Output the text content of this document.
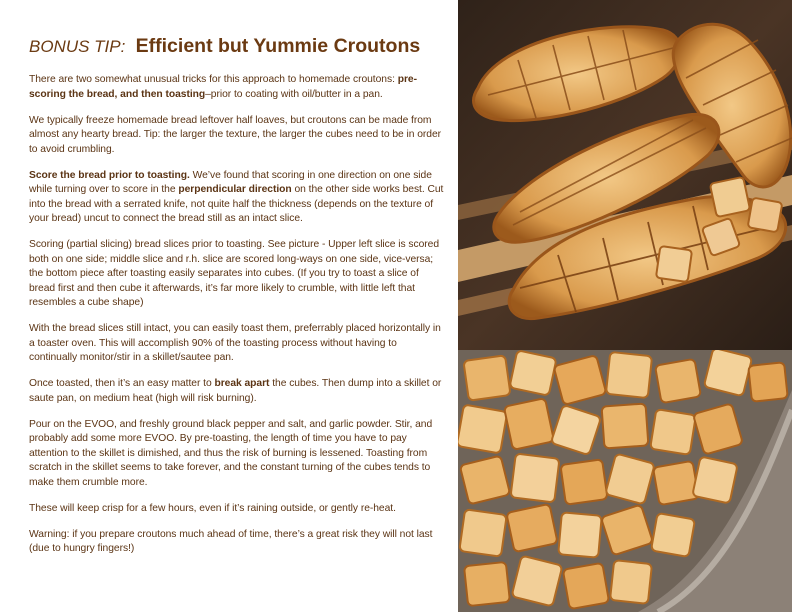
BONUS TIP: Efficient but Yummie Croutons

There are two somewhat unusual tricks for this approach to homemade croutons: pre-scoring the bread, and then toasting–prior to coating with oil/butter in a pan.

We typically freeze homemade bread leftover half loaves, but croutons can be made from almost any hearty bread. Tip: the larger the texture, the larger the cubes need to be in order to avoid crumbling.

Score the bread prior to toasting. We’ve found that scoring in one direction on one side while turning over to score in the perpendicular direction on the other side works best. Cut into the bread with a serrated knife, not quite half the thickness (depends on the texture of your bread) uncut to connect the bread still as an intact slice.

Scoring (partial slicing) bread slices prior to toasting. See picture - Upper left slice is scored both on one side; middle slice and r.h. slice are scored long-ways on one side, vice-versa; the bottom piece after toasting easily separates into cubes. (If you try to toast a slice of bread first and then cube it afterwards, it’s far more likely to crumble, with little left that resembles a cube shape)

With the bread slices still intact, you can easily toast them, preferrably placed horizontally in a toaster oven. This will accomplish 90% of the toasting process without having to continually monitor/stir in a skillet/sautee pan.

Once toasted, then it’s an easy matter to break apart the cubes. Then dump into a skillet or saute pan, on medium heat (high will risk burning).

Pour on the EVOO, and freshly ground black pepper and salt, and garlic powder. Stir, and probably add some more EVOO. By pre-toasting, the length of time you have to pay attention to the skillet is dimished, and thus the risk of burning is lessened. Toasting from scratch in the skillet seems to take forever, and the constant turning of the cubes tends to make them crumble more.

These will keep crisp for a few hours, even if it’s raining outside, or gently re-heat.

Warning: if you prepare croutons much ahead of time, there’s a great risk they will not last (due to hungry fingers!)
